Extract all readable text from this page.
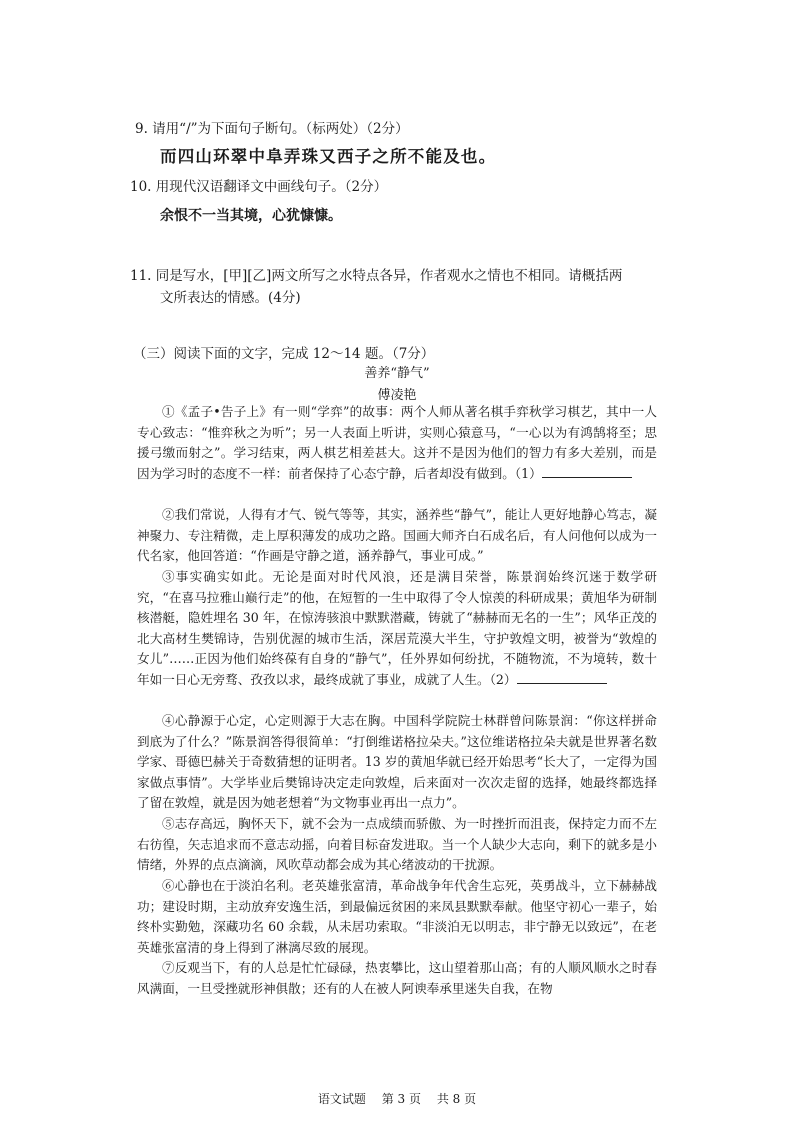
9. 请用“/”为下面句子断句。（标两处）（2分）
而四山环翠中阜弄珠又西子之所不能及也。
10. 用现代汉语翻译文中画线句子。（2分）
余恨不一当其境，心犹慷慷。
11. 同是写水，[甲][乙]两文所写之水特点各异，作者观水之情也不相同。请概括两
文所表达的情感。(4分)
（三）阅读下面的文字，完成 12～14 题。（7分）
善养“静气”
傅凌艳
①《孟子•告子上》有一则“学弈”的故事：两个人师从著名棋手弈秋学习棋艺，其中一人专心致志：“惟弈秋之为听”；另一人表面上听讲，实则心猿意马，“一心以为有鸿鹄将至；思援弓缴而射之”。学习结束，两人棋艺相差甚大。这并不是因为他们的智力有多大差别，而是因为学习时的态度不一样：前者保持了心态宁静，后者却没有做到。（1）
②我们常说，人得有才气、锐气等等，其实，涵养些“静气”，能让人更好地静心笃志，凝神聚力、专注精微，走上厚积薄发的成功之路。国画大师齐白石成名后，有人问他何以成为一代名家，他回答道：“作画是守静之道，涵养静气，事业可成。”
③事实确实如此。无论是面对时代风浪，还是满目荣誉，陈景润始终沉迷于数学研究，“在喜马拉雅山巅行走”的他，在短暂的一生中取得了令人惊羡的科研成果；黄旭华为研制核潜艇，隐姓埋名 30 年，在惊涛骇浪中默默潜藏，铸就了“赫赫而无名的一生”；风华正茂的北大高材生樊锦诗，告别优渥的城市生活，深居荒漠大半生，守护敦煌文明，被誉为“敦煌的女儿”……正因为他们始终葆有自身的“静气”，任外界如何纷扰，不随物流，不为境转，数十年如一日心无旁骛、孜孜以求，最终成就了事业，成就了人生。（2）
④心静源于心定，心定则源于大志在胸。中国科学院院士林群曾问陈景润：“你这样拼命到底为了什么？”陈景润答得很简单：“打倒维诺格拉朵夫。”这位维诺格拉朵夫就是世界著名数学家、哥德巴赫关于奇数猜想的证明者。13 岁的黄旭华就已经开始思考“长大了，一定得为国家做点事情”。大学毕业后樊锦诗决定走向敦煌，后来面对一次次走留的选择，她最终都选择了留在敦煌，就是因为她老想着“为文物事业再出一点力”。
⑤志存高远，胸怀天下，就不会为一点成绩而骄傲、为一时挫折而沮丧，保持定力而不左右彷徨，矢志追求而不意志动摇，向着目标奋发进取。当一个人缺少大志向，剩下的就多是小情绪，外界的点点滴滴，风吹草动都会成为其心绪波动的干扰源。
⑥心静也在于淡泊名利。老英雄张富清，革命战争年代舍生忘死，英勇战斗，立下赫赫战功；建设时期，主动放弃安逸生活，到最偏远贫困的来凤县默默奉献。他坚守初心一辈子，始终朴实勤勉，深藏功名 60 余载，从未居功索取。“非淡泊无以明志，非宁静无以致远”，在老英雄张富清的身上得到了淋漓尽致的展现。
⑦反观当下，有的人总是忙忙碌碌，热衷攀比，这山望着那山高；有的人顺风顺水之时春风满面，一旦受挫就形神俱散；还有的人在被人阿谀奉承里迷失自我，在物
语文试题 第 3 页 共 8 页
